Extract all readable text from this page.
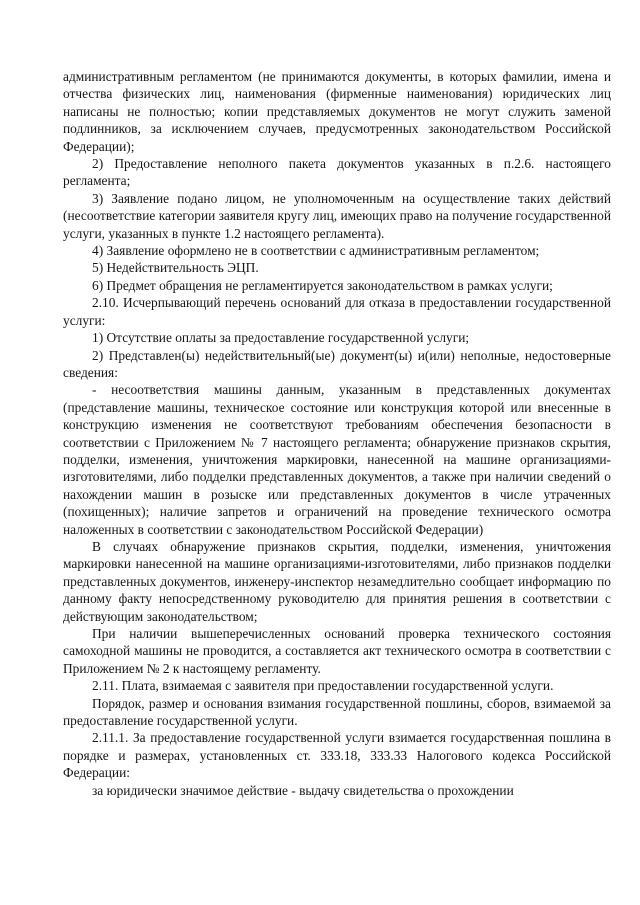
административным регламентом (не принимаются документы, в которых фамилии, имена и отчества физических лиц, наименования (фирменные наименования) юридических лиц написаны не полностью; копии представляемых документов не могут служить заменой подлинников, за исключением случаев, предусмотренных законодательством Российской Федерации);

2) Предоставление неполного пакета документов указанных в п.2.6. настоящего регламента;

3) Заявление подано лицом, не уполномоченным на осуществление таких действий (несоответствие категории заявителя кругу лиц, имеющих право на получение государственной услуги, указанных в пункте 1.2 настоящего регламента).

4) Заявление оформлено не в соответствии с административным регламентом;

5) Недействительность ЭЦП.

6) Предмет обращения не регламентируется законодательством в рамках услуги;

2.10. Исчерпывающий перечень оснований для отказа в предоставлении государственной услуги:

1) Отсутствие оплаты за предоставление государственной услуги;

2) Представлен(ы) недействительный(ые) документ(ы) и(или) неполные, недостоверные сведения:

- несоответствия машины данным, указанным в представленных документах (представление машины, техническое состояние или конструкция которой или внесенные в конструкцию изменения не соответствуют требованиям обеспечения безопасности в соответствии с Приложением № 7 настоящего регламента; обнаружение признаков скрытия, подделки, изменения, уничтожения маркировки, нанесенной на машине организациями-изготовителями, либо подделки представленных документов, а также при наличии сведений о нахождении машин в розыске или представленных документов в числе утраченных (похищенных); наличие запретов и ограничений на проведение технического осмотра наложенных в соответствии с законодательством Российской Федерации)

В случаях обнаружение признаков скрытия, подделки, изменения, уничтожения маркировки нанесенной на машине организациями-изготовителями, либо признаков подделки представленных документов, инженеру-инспектор незамедлительно сообщает информацию по данному факту непосредственному руководителю для принятия решения в соответствии с действующим законодательством;

При наличии вышеперечисленных оснований проверка технического состояния самоходной машины не проводится, а составляется акт технического осмотра в соответствии с Приложением № 2 к настоящему регламенту.

2.11. Плата, взимаемая с заявителя при предоставлении государственной услуги.

Порядок, размер и основания взимания государственной пошлины, сборов, взимаемой за предоставление государственной услуги.

2.11.1. За предоставление государственной услуги взимается государственная пошлина в порядке и размерах, установленных ст. 333.18, 333.33 Налогового кодекса Российской Федерации:

за юридически значимое действие - выдачу свидетельства о прохождении
